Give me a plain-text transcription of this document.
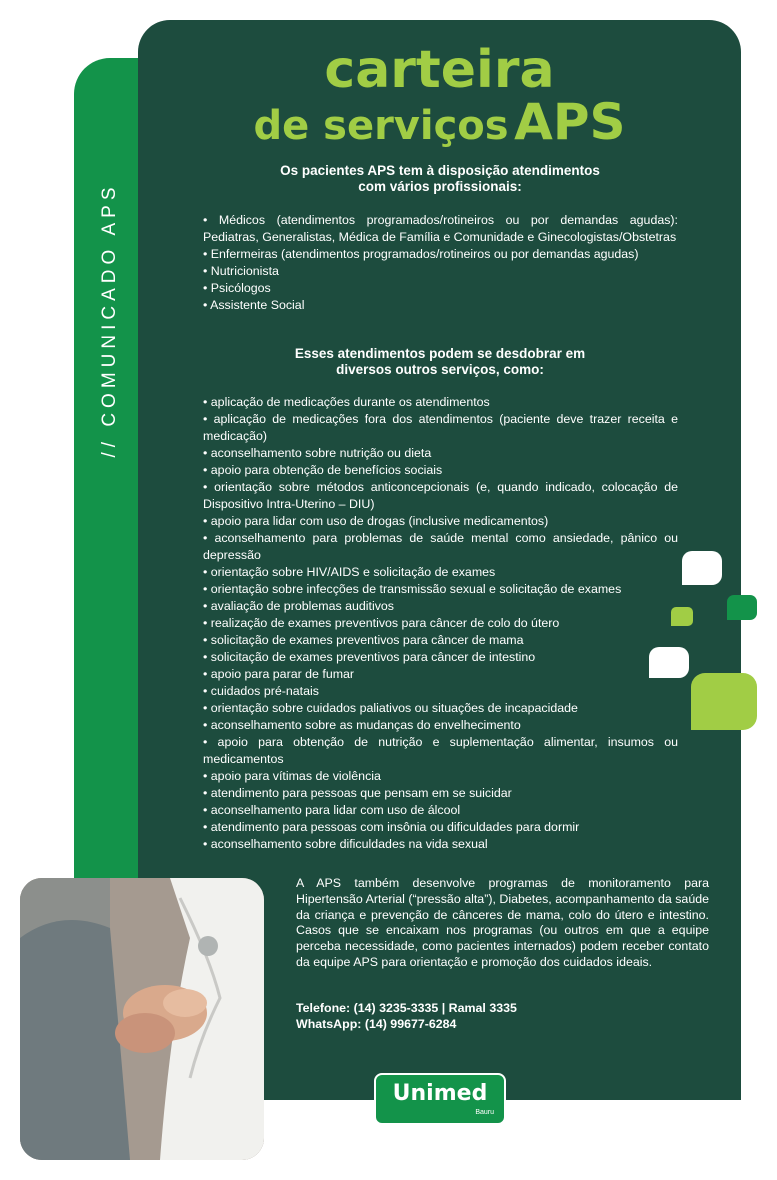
// COMUNICADO APS
carteira
de serviços APS
Os pacientes APS tem à disposição atendimentos
com vários profissionais:
• Médicos (atendimentos programados/rotineiros ou por demandas agudas): Pediatras, Generalistas, Médica de Família e Comunidade e Ginecologistas/Obstetras
• Enfermeiras (atendimentos programados/rotineiros ou por demandas agudas)
• Nutricionista
• Psicólogos
• Assistente Social
Esses atendimentos podem se desdobrar em
diversos outros serviços, como:
• aplicação de medicações durante os atendimentos
• aplicação de medicações fora dos atendimentos (paciente deve trazer receita e medicação)
• aconselhamento sobre nutrição ou dieta
• apoio para obtenção de benefícios sociais
• orientação sobre métodos anticoncepcionais (e, quando indicado, colocação de Dispositivo Intra-Uterino – DIU)
• apoio para lidar com uso de drogas (inclusive medicamentos)
• aconselhamento para problemas de saúde mental como ansiedade, pânico ou depressão
• orientação sobre HIV/AIDS e solicitação de exames
• orientação sobre infecções de transmissão sexual e solicitação de exames
• avaliação de problemas auditivos
• realização de exames preventivos para câncer de colo do útero
• solicitação de exames preventivos para câncer de mama
• solicitação de exames preventivos para câncer de intestino
• apoio para parar de fumar
• cuidados pré-natais
• orientação sobre cuidados paliativos ou situações de incapacidade
• aconselhamento sobre as mudanças do envelhecimento
• apoio para obtenção de nutrição e suplementação alimentar, insumos ou medicamentos
• apoio para vítimas de violência
• atendimento para pessoas que pensam em se suicidar
• aconselhamento para lidar com uso de álcool
• atendimento para pessoas com insônia ou dificuldades para dormir
• aconselhamento sobre dificuldades na vida sexual

A APS também desenvolve programas de monitoramento para Hipertensão Arterial (“pressão alta”), Diabetes, acompanhamento da saúde da criança e prevenção de cânceres de mama, colo do útero e intestino. Casos que se encaixam nos programas (ou outros em que a equipe perceba necessidade, como pacientes internados) podem receber contato da equipe APS para orientação e promoção dos cuidados ideais.

Telefone: (14) 3235-3335 | Ramal 3335
WhatsApp: (14) 99677-6284
Unimed
Bauru
